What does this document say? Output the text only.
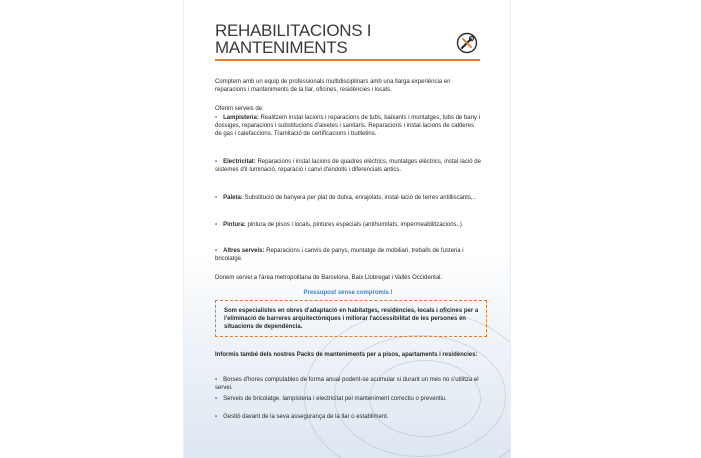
REHABILITACIONS I
MANTENIMENTS
Comptem amb un equip de professionals multidisciplinars amb una llarga experiència en reparacions i manteniments de la llar, oficines, residències i locals.
Oferim serveis de:
• Lampisteria: Realitzem instal·lacions i reparacions de tubs, baixants i muntatges, tubs de bany i dossiges, reparacions i substitucions d'aixetes i sanitaris. Reparacions i instal·lacions de calderes de gas i calefaccions. Tramitació de certificacions i butlletins.
• Electricitat: Reparacions i instal·lacions de quadres elèctrics, muntatges elèctrics, instal·lació de sistemes d'il·luminació, reparació i canvi d'endolls i diferencials antics.
• Paleta: Substitució de banyera per plat de dutxa, enrajolats, instal·lació de terres antilliscants,..
• Pintura: pintura de pisos i locals, pintures especials (antihumitats, impermeabilitzacions..)
• Altres serveis: Reparacions i canvis de panys, muntatge de mobiliari, treballs de fusteria i bricolatge.
Donem servei a l'àrea metropolitana de Barcelona, Baix Llobregat i Vallès Occidental.
Pressupost sense compromís !
Som especialistes en obres d'adaptació en habitatges, residències, locals i oficines per a l'eliminació de barreres arquitectòniques i millorar l'accessibilitat de les persones en situacions de dependència.
Informis també dels nostres Packs de manteniments per a pisos, apartaments i residències:
• Borses d'hores computables de forma anual podent-se acumular si durant un mes no s'utilitza el servei.
• Serveis de bricolatge, lampisteria i electricitat pel manteniment correctiu o preventiu.
• Gestió davant de la seva assegurança de la llar o establiment.
